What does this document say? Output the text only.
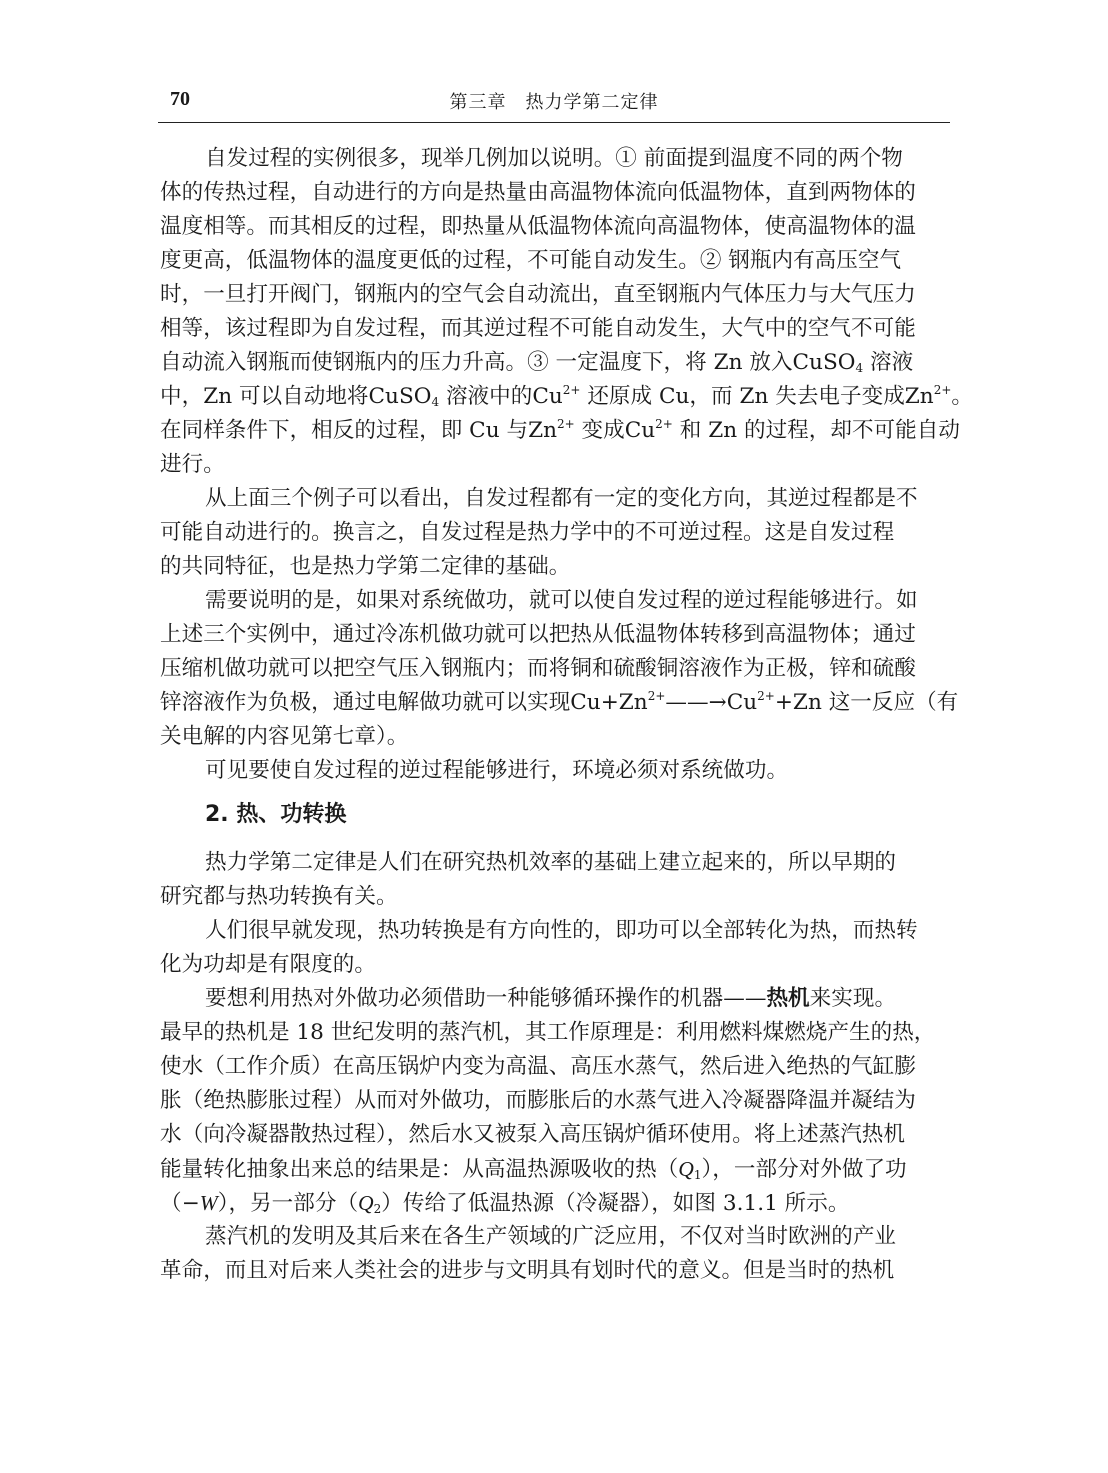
70	第三章　热力学第二定律
自发过程的实例很多，现举几例加以说明。① 前面提到温度不同的两个物
体的传热过程，自动进行的方向是热量由高温物体流向低温物体，直到两物体的
温度相等。而其相反的过程，即热量从低温物体流向高温物体，使高温物体的温
度更高，低温物体的温度更低的过程，不可能自动发生。② 钢瓶内有高压空气
时，一旦打开阀门，钢瓶内的空气会自动流出，直至钢瓶内气体压力与大气压力
相等，该过程即为自发过程，而其逆过程不可能自动发生，大气中的空气不可能
自动流入钢瓶而使钢瓶内的压力升高。③ 一定温度下，将 Zn 放入CuSO$_4$ 溶液
中，Zn 可以自动地将CuSO$_4$ 溶液中的$Cu^{2+}$ 还原成 Cu，而 Zn 失去电子变成$Zn^{2+}$。
在同样条件下，相反的过程，即 Cu 与$Zn^{2+}$ 变成$Cu^{2+}$ 和 Zn 的过程，却不可能自动
进行。
从上面三个例子可以看出，自发过程都有一定的变化方向，其逆过程都是不
可能自动进行的。换言之，自发过程是热力学中的不可逆过程。这是自发过程
的共同特征，也是热力学第二定律的基础。
需要说明的是，如果对系统做功，就可以使自发过程的逆过程能够进行。如
上述三个实例中，通过冷冻机做功就可以把热从低温物体转移到高温物体；通过
压缩机做功就可以把空气压入钢瓶内；而将铜和硫酸铜溶液作为正极，锌和硫酸
锌溶液作为负极，通过电解做功就可以实现$Cu+Zn^{2+}——\to Cu^{2+}+Zn$ 这一反应（有
关电解的内容见第七章）。
可见要使自发过程的逆过程能够进行，环境必须对系统做功。
2. 热、功转换
热力学第二定律是人们在研究热机效率的基础上建立起来的，所以早期的
研究都与热功转换有关。
人们很早就发现，热功转换是有方向性的，即功可以全部转化为热，而热转
化为功却是有限度的。
要想利用热对外做功必须借助一种能够循环操作的机器——热机来实现。
最早的热机是 18 世纪发明的蒸汽机，其工作原理是：利用燃料煤燃烧产生的热，
使水（工作介质）在高压锅炉内变为高温、高压水蒸气，然后进入绝热的气缸膨
胀（绝热膨胀过程）从而对外做功，而膨胀后的水蒸气进入冷凝器降温并凝结为
水（向冷凝器散热过程），然后水又被泵入高压锅炉循环使用。将上述蒸汽热机
能量转化抽象出来总的结果是：从高温热源吸收的热$(Q_1)$，一部分对外做了功
（−W），另一部分$(Q_2)$传给了低温热源（冷凝器），如图 3.1.1 所示。
蒸汽机的发明及其后来在各生产领域的广泛应用，不仅对当时欧洲的产业
革命，而且对后来人类社会的进步与文明具有划时代的意义。但是当时的热机
